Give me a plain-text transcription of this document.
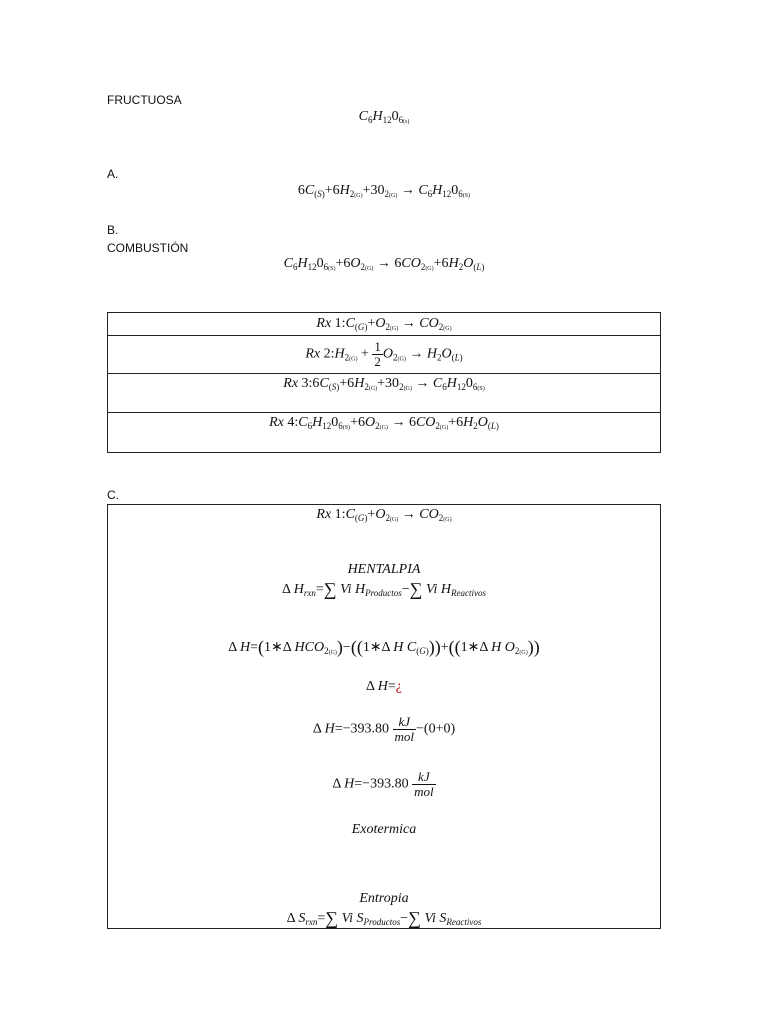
FRUCTUOSA
A.
B.
COMBUSTIÓN
C.
$C_6H_{12}0_{6(s)}$
$6C_{(S)}+6H_{2(G)}+30_{2(G)} \to C_6H_{12}0_{6(S)}$
$C_6H_{12}0_{6(S)}+6O_{2(G)} \to 6CO_{2(G)}+6H_2O_{(L)}$
Rx $1:C_{(G)}+O_{2(G)} \to CO_{2(G)}$
Rx $2:H_{2(G)} + \frac{1}{2} O_{2(G)} \to H_2O_{(L)}$
Rx $3:6C_{(S)}+6H_{2(G)}+30_{2(G)} \to C_6H_{12}0_{6(S)}$
Rx $4:C_6H_{12}0_{6(S)}+6O_{2(G)} \to 6CO_{2(G)}+6H_2O_{(L)}$
Rx $1:C_{(G)}+O_{2(G)} \to CO_{2(G)}$
HENTALPIA
Δ $H_{rxn}=\sum$ Vi $H_{Productos}-\sum$ Vi $H_{Reactivos}$
Δ H=(1∗Δ $HCO_{2(G)})-((1∗\Delta$ H $C_{(G)}))+((1∗\Delta$ H $O_{2(G)}$))
Δ H=¿
Δ $H=-393.80 \frac{kJ}{\text{mol}} -(0+0)$
Δ $H=-393.80 \frac{kJ}{\text{mol}}$
Exotermica
Entropia
Δ $S_{rxn}=\sum$ Vi $S_{Productos}-\sum$ Vi $S_{Reactivos}$
